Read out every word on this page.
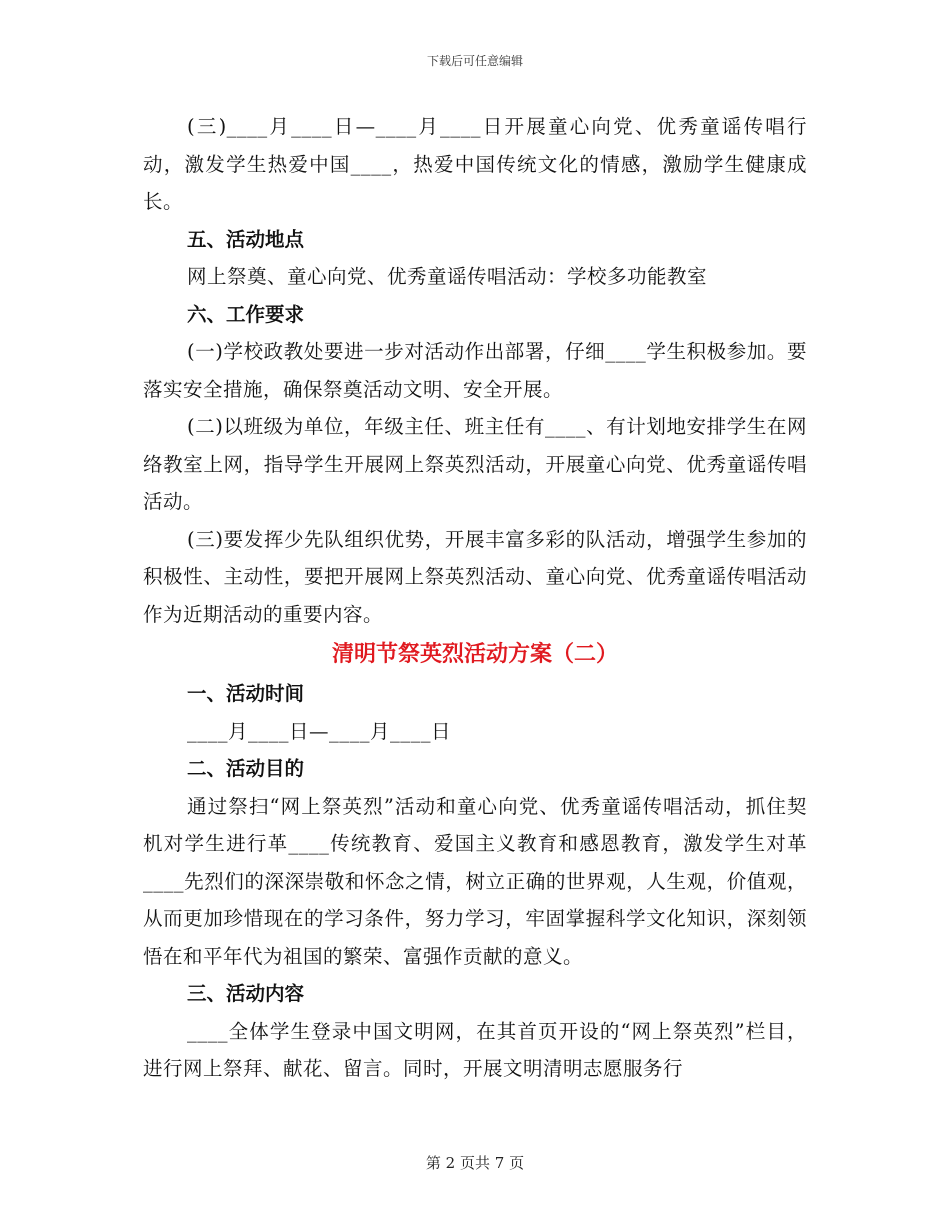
下载后可任意编辑

(三)____月____日—____月____日开展童心向党、优秀童谣传唱行动，激发学生热爱中国____，热爱中国传统文化的情感，激励学生健康成长。

五、活动地点

网上祭奠、童心向党、优秀童谣传唱活动：学校多功能教室

六、工作要求

(一)学校政教处要进一步对活动作出部署，仔细____学生积极参加。要落实安全措施，确保祭奠活动文明、安全开展。

(二)以班级为单位，年级主任、班主任有____、有计划地安排学生在网络教室上网，指导学生开展网上祭英烈活动，开展童心向党、优秀童谣传唱活动。

(三)要发挥少先队组织优势，开展丰富多彩的队活动，增强学生参加的积极性、主动性，要把开展网上祭英烈活动、童心向党、优秀童谣传唱活动作为近期活动的重要内容。

清明节祭英烈活动方案（二）

一、活动时间

____月____日—____月____日

二、活动目的

通过祭扫“网上祭英烈”活动和童心向党、优秀童谣传唱活动，抓住契机对学生进行革____传统教育、爱国主义教育和感恩教育，激发学生对革____先烈们的深深崇敬和怀念之情，树立正确的世界观，人生观，价值观，从而更加珍惜现在的学习条件，努力学习，牢固掌握科学文化知识，深刻领悟在和平年代为祖国的繁荣、富强作贡献的意义。

三、活动内容

____全体学生登录中国文明网，在其首页开设的“网上祭英烈”栏目，进行网上祭拜、献花、留言。同时，开展文明清明志愿服务行

第 2 页共 7 页
